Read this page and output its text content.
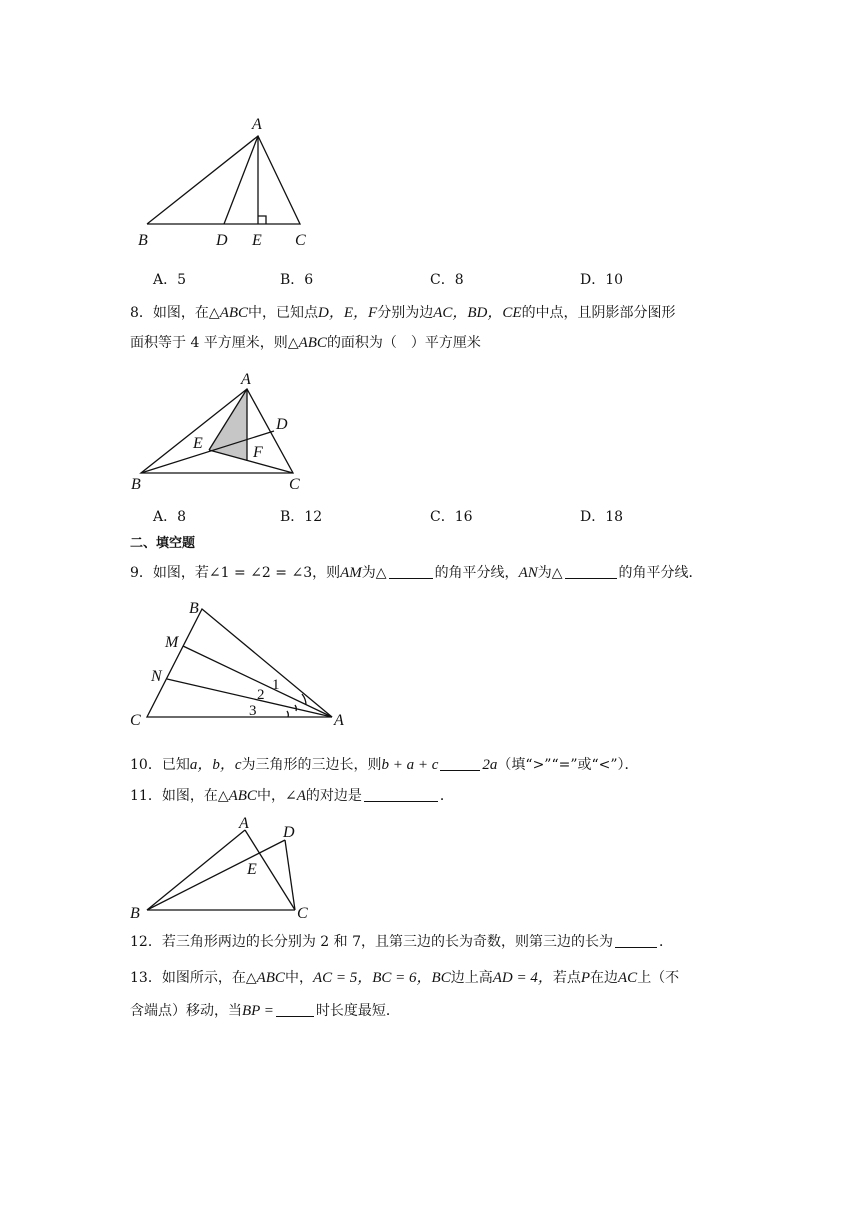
A
B	D E C
A．5	B．6	C．8	D．10
8．如图，在△ABC中，已知点D，E，F分别为边AC，BD，CE的中点，且阴影部分图形
面积等于 4 平方厘米，则△ABC的面积为（　）平方厘米
A
D
E
F
B	C
A．8	B．12	C．16	D．18
二、填空题
9．如图，若∠1 = ∠2 = ∠3，则AM为△	的角平分线，AN为△	的角平分线．
B
M
N
C	A
1
2
3
10．已知a，b，c为三角形的三边长，则b + a + c	2a（填“>”“=”或“<”）．
11．如图，在△ABC中，∠A的对边是	．
A
D
E
B	C
12．若三角形两边的长分别为 2 和 7，且第三边的长为奇数，则第三边的长为	．
13．如图所示，在△ABC中，AC = 5，BC = 6，BC边上高AD = 4，若点P在边AC上（不
含端点）移动，当BP =	时长度最短．
